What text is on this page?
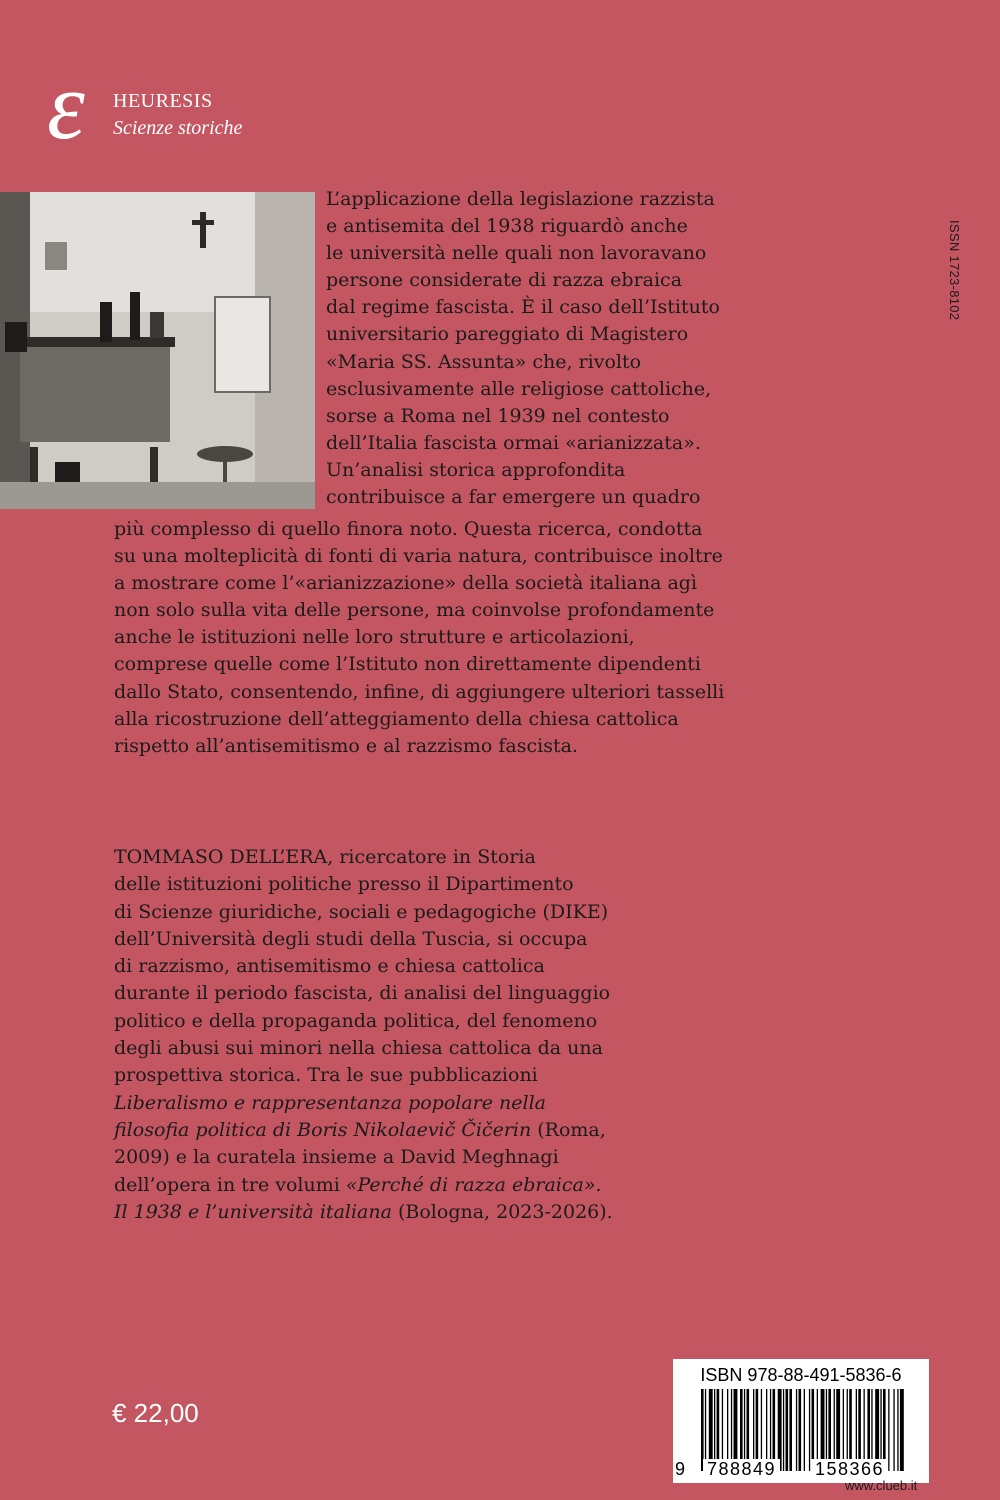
ε HEURESIS
Scienze storiche
ISSN 1723-8102
L’applicazione della legislazione razzista
e antisemita del 1938 riguardò anche
le università nelle quali non lavoravano
persone considerate di razza ebraica
dal regime fascista. È il caso dell’Istituto
universitario pareggiato di Magistero
«Maria SS. Assunta» che, rivolto
esclusivamente alle religiose cattoliche,
sorse a Roma nel 1939 nel contesto
dell’Italia fascista ormai «arianizzata».
Un’analisi storica approfondita
contribuisce a far emergere un quadro
più complesso di quello finora noto. Questa ricerca, condotta
su una molteplicità di fonti di varia natura, contribuisce inoltre
a mostrare come l’«arianizzazione» della società italiana agì
non solo sulla vita delle persone, ma coinvolse profondamente
anche le istituzioni nelle loro strutture e articolazioni,
comprese quelle come l’Istituto non direttamente dipendenti
dallo Stato, consentendo, infine, di aggiungere ulteriori tasselli
alla ricostruzione dell’atteggiamento della chiesa cattolica
rispetto all’antisemitismo e al razzismo fascista.
TOMMASO DELL’ERA, ricercatore in Storia
delle istituzioni politiche presso il Dipartimento
di Scienze giuridiche, sociali e pedagogiche (DIKE)
dell’Università degli studi della Tuscia, si occupa
di razzismo, antisemitismo e chiesa cattolica
durante il periodo fascista, di analisi del linguaggio
politico e della propaganda politica, del fenomeno
degli abusi sui minori nella chiesa cattolica da una
prospettiva storica. Tra le sue pubblicazioni
Liberalismo e rappresentanza popolare nella
filosofia politica di Boris Nikolaevič Čičerin (Roma,
2009) e la curatela insieme a David Meghnagi
dell’opera in tre volumi «Perché di razza ebraica».
Il 1938 e l’università italiana (Bologna, 2023-2026).
ISBN 978-88-491-5836-6
9 788849 158366
€ 22,00
www.clueb.it
